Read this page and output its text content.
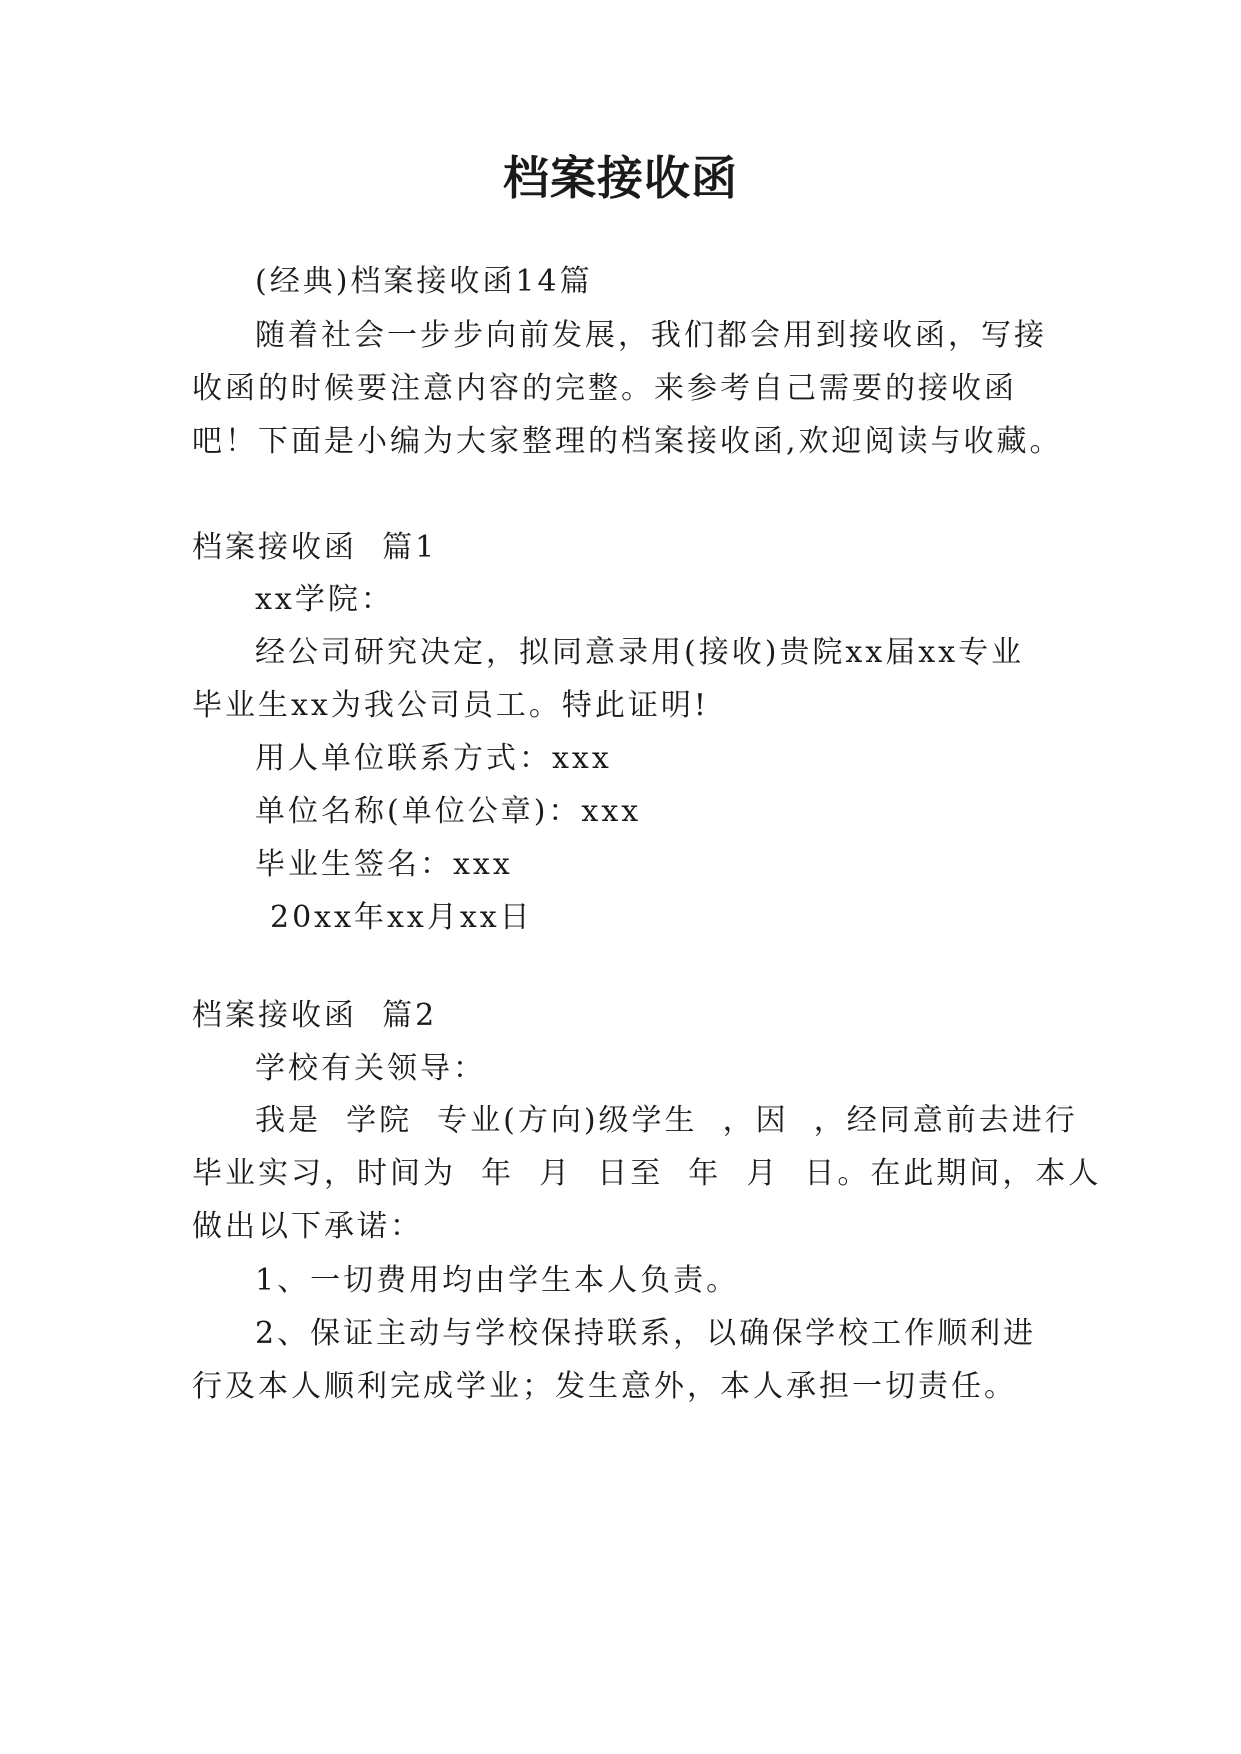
档案接收函
(经典)档案接收函14篇
随着社会一步步向前发展，我们都会用到接收函，写接
收函的时候要注意内容的完整。来参考自己需要的接收函
吧！下面是小编为大家整理的档案接收函,欢迎阅读与收藏。
档案接收函  篇1
xx学院：
经公司研究决定，拟同意录用(接收)贵院xx届xx专业
毕业生xx为我公司员工。特此证明!
用人单位联系方式：xxx
单位名称(单位公章)：xxx
毕业生签名：xxx
20xx年xx月xx日
档案接收函  篇2
学校有关领导：
我是  学院  专业(方向)级学生  ，因  ，经同意前去进行
毕业实习，时间为  年  月  日至  年  月  日。在此期间，本人
做出以下承诺：
1、一切费用均由学生本人负责。
2、保证主动与学校保持联系，以确保学校工作顺利进
行及本人顺利完成学业；发生意外，本人承担一切责任。
